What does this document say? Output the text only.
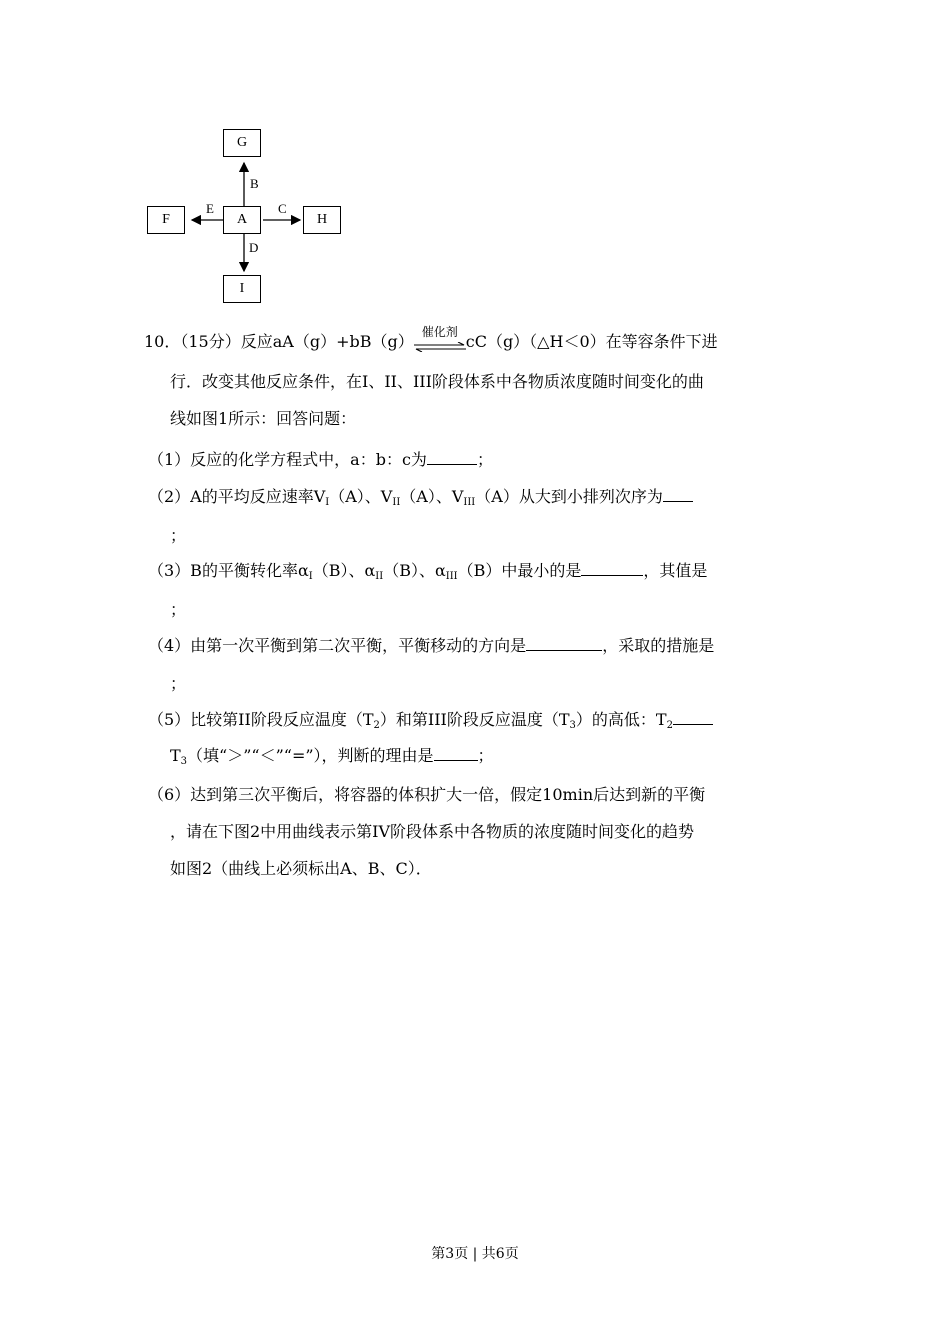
G
F	A	H
I
B
E	C
D
10．（15分）反应aA（g）+bB（g） 催化剂 cC（g）（△H＜0）在等容条件下进
行．改变其他反应条件，在I、II、III阶段体系中各物质浓度随时间变化的曲
线如图1所示：回答问题：
（1）反应的化学方程式中，a：b：c为	；
（2）A的平均反应速率$V_I(A)$、$V_{II}(A)$、$V_{III}(A)$从大到小排列次序为
；
（3）B的平衡转化率$\alpha_I(B)$、$\alpha_{II}(B)$、$\alpha_{III}(B)$中最小的是	，其值是
；
（4）由第一次平衡到第二次平衡，平衡移动的方向是	，采取的措施是
；
（5）比较第II阶段反应温度$(T_2)$和第III阶段反应温度$(T_3)$的高低：$T_2$
$T_3$（填“＞”“＜”“=”），判断的理由是	；
（6）达到第三次平衡后，将容器的体积扩大一倍，假定10min后达到新的平衡
，请在下图2中用曲线表示第IV阶段体系中各物质的浓度随时间变化的趋势
如图2（曲线上必须标出A、B、C）．
第3页 | 共6页
